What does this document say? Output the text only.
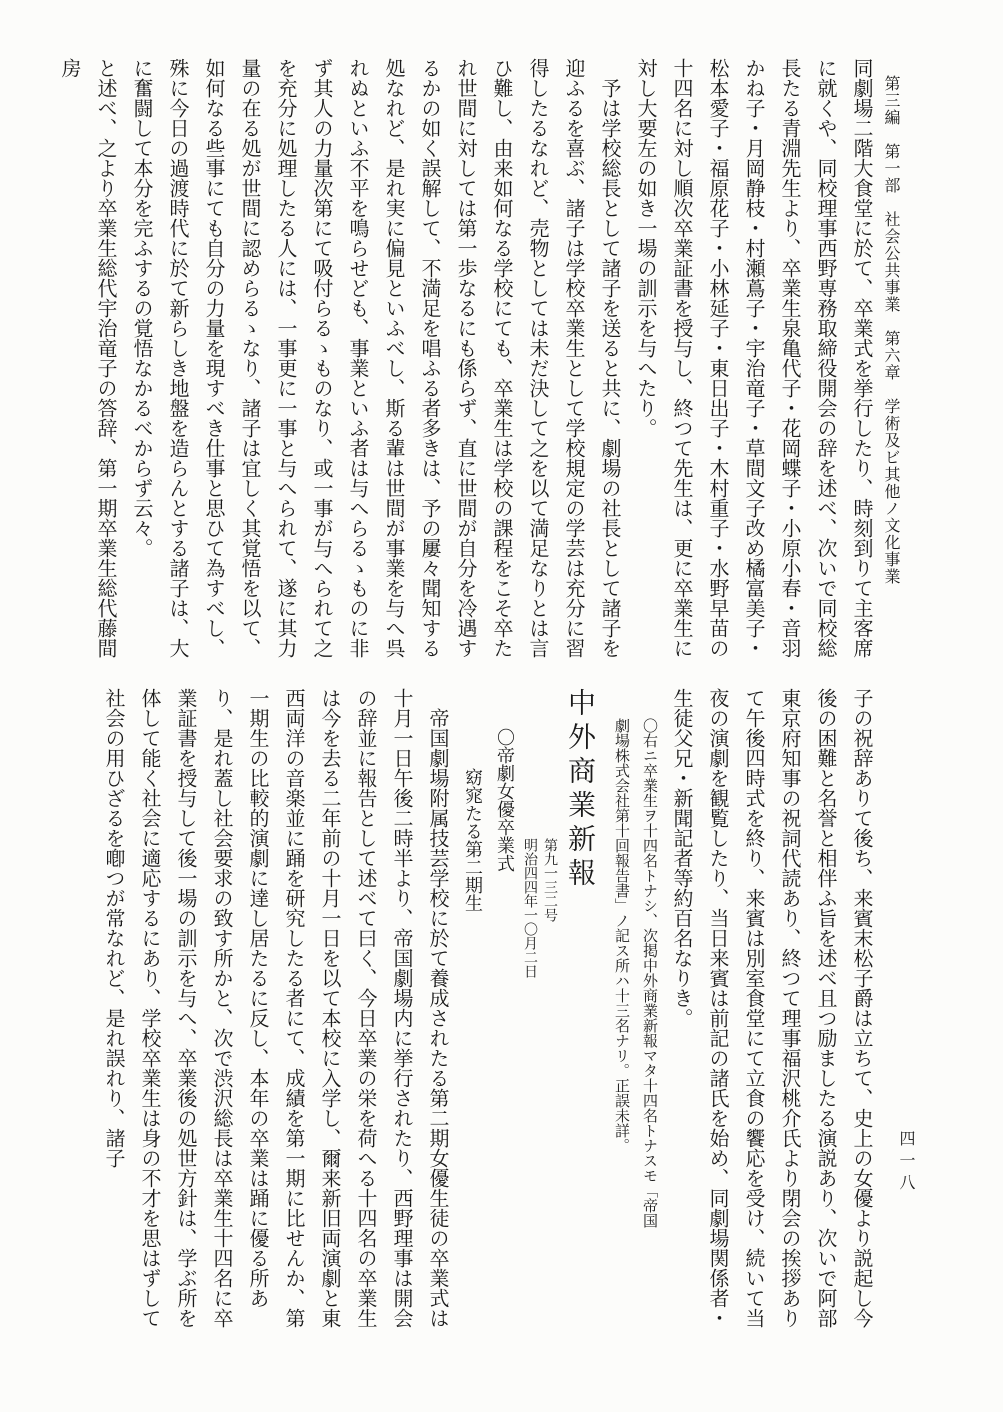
第三編　第一部　社会公共事業　第六章　学術及ビ其他ノ文化事業
四一八

同劇場二階大食堂に於て、卒業式を挙行したり、時刻到りて主客席に就くや、同校理事西野専務取締役開会の辞を述べ、次いで同校総長たる青淵先生より、卒業生泉亀代子・花岡蝶子・小原小春・音羽かね子・月岡静枝・村瀬蔦子・宇治竜子・草間文子改め橘富美子・松本愛子・福原花子・小林延子・東日出子・木村重子・水野早苗の十四名に対し順次卒業証書を授与し、終つて先生は、更に卒業生に対し大要左の如き一場の訓示を与へたり。

予は学校総長として諸子を送ると共に、劇場の社長として諸子を迎ふるを喜ぶ、諸子は学校卒業生として学校規定の学芸は充分に習得したるなれど、売物としては未だ決して之を以て満足なりとは言ひ難し、由来如何なる学校にても、卒業生は学校の課程をこそ卒たれ世間に対しては第一歩なるにも係らず、直に世間が自分を冷遇するかの如く誤解して、不満足を唱ふる者多きは、予の屢々聞知する処なれど、是れ実に偏見といふべし、斯る輩は世間が事業を与へ呉れぬといふ不平を鳴らせども、事業といふ者は与へらるゝものに非ず其人の力量次第にて吸付らるゝものなり、或一事が与へられて之を充分に処理したる人には、一事更に一事と与へられて、遂に其力量の在る処が世間に認めらるゝなり、諸子は宜しく其覚悟を以て、如何なる些事にても自分の力量を現すべき仕事と思ひて為すべし、殊に今日の過渡時代に於て新らしき地盤を造らんとする諸子は、大に奮闘して本分を完ふするの覚悟なかるべからず云々。

と述べ、之より卒業生総代宇治竜子の答辞、第一期卒業生総代藤間房

子の祝辞ありて後ち、来賓末松子爵は立ちて、史上の女優より説起し今後の困難と名誉と相伴ふ旨を述べ且つ励ましたる演説あり、次いで阿部東京府知事の祝詞代読あり、終つて理事福沢桃介氏より閉会の挨拶ありて午後四時式を終り、来賓は別室食堂にて立食の饗応を受け、続いて当夜の演劇を観覧したり、当日来賓は前記の諸氏を始め、同劇場関係者・生徒父兄・新聞記者等約百名なりき。

〇右ニ卒業生ヲ十四名トナシ、次掲中外商業新報マタ十四名トナスモ「帝国
劇場株式会社第十回報告書」ノ記ス所ハ十三名ナリ。正誤未詳。
中外商業新報
第九一三二号
明治四四年一〇月二日
〇帝劇女優卒業式
窈窕たる第二期生

帝国劇場附属技芸学校に於て養成されたる第二期女優生徒の卒業式は十月一日午後二時半より、帝国劇場内に挙行されたり、西野理事は開会の辞並に報告として述べて曰く、今日卒業の栄を荷へる十四名の卒業生は今を去る二年前の十月一日を以て本校に入学し、爾来新旧両演劇と東西両洋の音楽並に踊を研究したる者にて、成績を第一期に比せんか、第一期生の比較的演劇に達し居たるに反し、本年の卒業は踊に優る所あり、是れ蓋し社会要求の致す所かと、次で渋沢総長は卒業生十四名に卒業証書を授与して後一場の訓示を与へ、卒業後の処世方針は、学ぶ所を体して能く社会に適応するにあり、学校卒業生は身の不才を思はずして社会の用ひざるを喞つが常なれど、是れ誤れり、諸子
